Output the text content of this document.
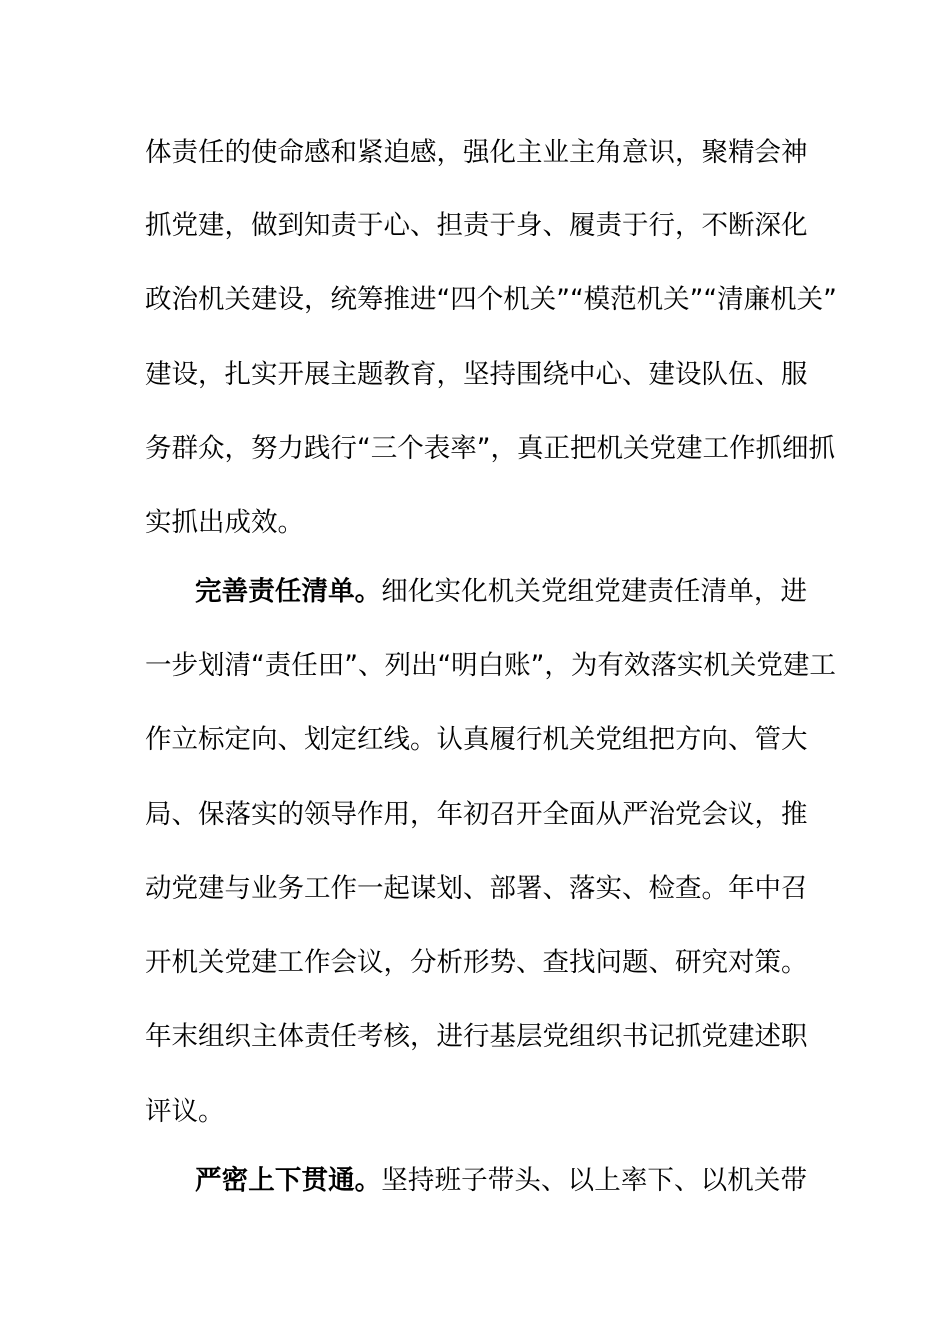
体责任的使命感和紧迫感，强化主业主角意识，聚精会神
抓党建，做到知责于心、担责于身、履责于行，不断深化
政治机关建设，统筹推进“四个机关”“模范机关”“清廉机关”
建设，扎实开展主题教育，坚持围绕中心、建设队伍、服
务群众，努力践行“三个表率”，真正把机关党建工作抓细抓
实抓出成效。
完善责任清单。细化实化机关党组党建责任清单，进
一步划清“责任田”、列出“明白账”，为有效落实机关党建工
作立标定向、划定红线。认真履行机关党组把方向、管大
局、保落实的领导作用，年初召开全面从严治党会议，推
动党建与业务工作一起谋划、部署、落实、检查。年中召
开机关党建工作会议，分析形势、查找问题、研究对策。
年末组织主体责任考核，进行基层党组织书记抓党建述职
评议。
严密上下贯通。坚持班子带头、以上率下、以机关带
